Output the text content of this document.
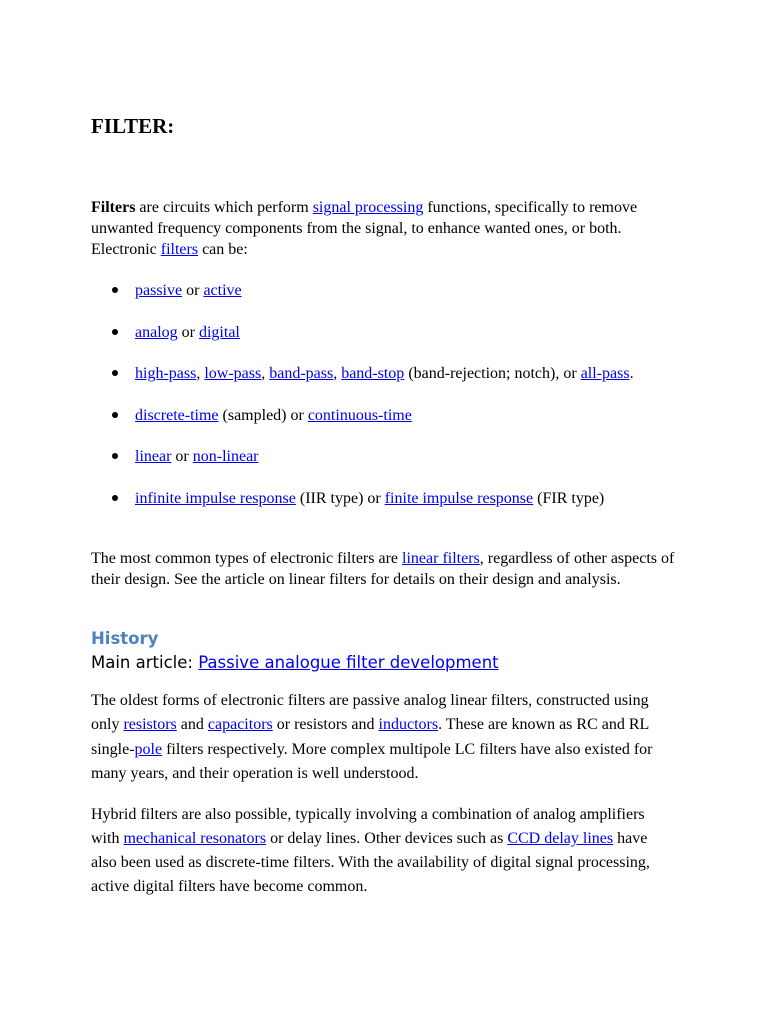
FILTER:

Filters are circuits which perform signal processing functions, specifically to remove unwanted frequency components from the signal, to enhance wanted ones, or both. Electronic filters can be:

passive or active
analog or digital
high-pass, low-pass, band-pass, band-stop (band-rejection; notch), or all-pass.
discrete-time (sampled) or continuous-time
linear or non-linear
infinite impulse response (IIR type) or finite impulse response (FIR type)

The most common types of electronic filters are linear filters, regardless of other aspects of their design. See the article on linear filters for details on their design and analysis.

History

Main article: Passive analogue filter development

The oldest forms of electronic filters are passive analog linear filters, constructed using only resistors and capacitors or resistors and inductors. These are known as RC and RL single-pole filters respectively. More complex multipole LC filters have also existed for many years, and their operation is well understood.

Hybrid filters are also possible, typically involving a combination of analog amplifiers with mechanical resonators or delay lines. Other devices such as CCD delay lines have also been used as discrete-time filters. With the availability of digital signal processing, active digital filters have become common.
